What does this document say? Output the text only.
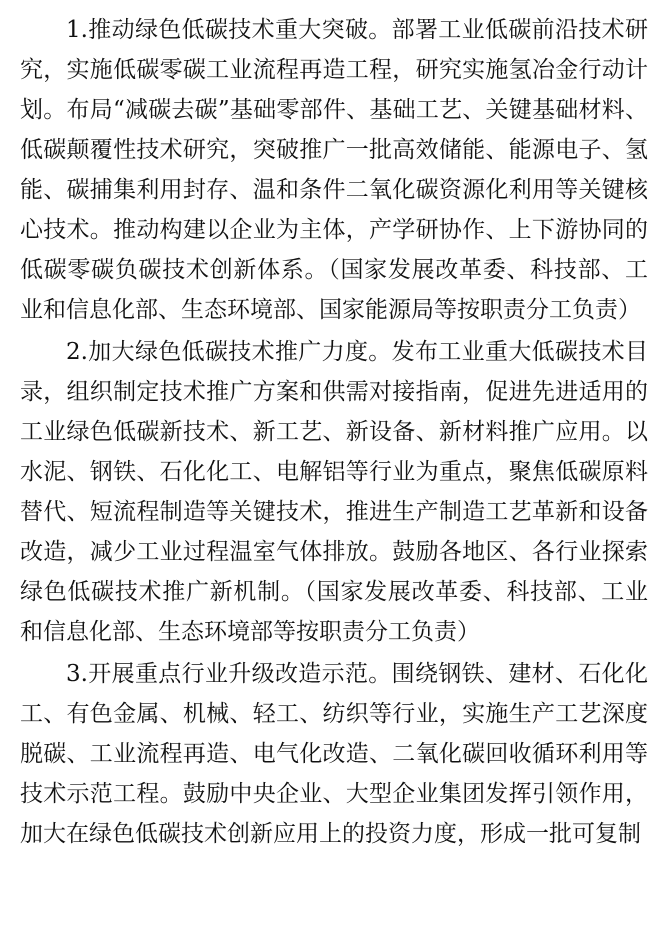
1.推动绿色低碳技术重大突破。部署工业低碳前沿技术研究，实施低碳零碳工业流程再造工程，研究实施氢冶金行动计划。布局“减碳去碳”基础零部件、基础工艺、关键基础材料、低碳颠覆性技术研究，突破推广一批高效储能、能源电子、氢能、碳捕集利用封存、温和条件二氧化碳资源化利用等关键核心技术。推动构建以企业为主体，产学研协作、上下游协同的低碳零碳负碳技术创新体系。（国家发展改革委、科技部、工业和信息化部、生态环境部、国家能源局等按职责分工负责）

2.加大绿色低碳技术推广力度。发布工业重大低碳技术目录，组织制定技术推广方案和供需对接指南，促进先进适用的工业绿色低碳新技术、新工艺、新设备、新材料推广应用。以水泥、钢铁、石化化工、电解铝等行业为重点，聚焦低碳原料替代、短流程制造等关键技术，推进生产制造工艺革新和设备改造，减少工业过程温室气体排放。鼓励各地区、各行业探索绿色低碳技术推广新机制。（国家发展改革委、科技部、工业和信息化部、生态环境部等按职责分工负责）

3.开展重点行业升级改造示范。围绕钢铁、建材、石化化工、有色金属、机械、轻工、纺织等行业，实施生产工艺深度脱碳、工业流程再造、电气化改造、二氧化碳回收循环利用等技术示范工程。鼓励中央企业、大型企业集团发挥引领作用，加大在绿色低碳技术创新应用上的投资力度，形成一批可复制
